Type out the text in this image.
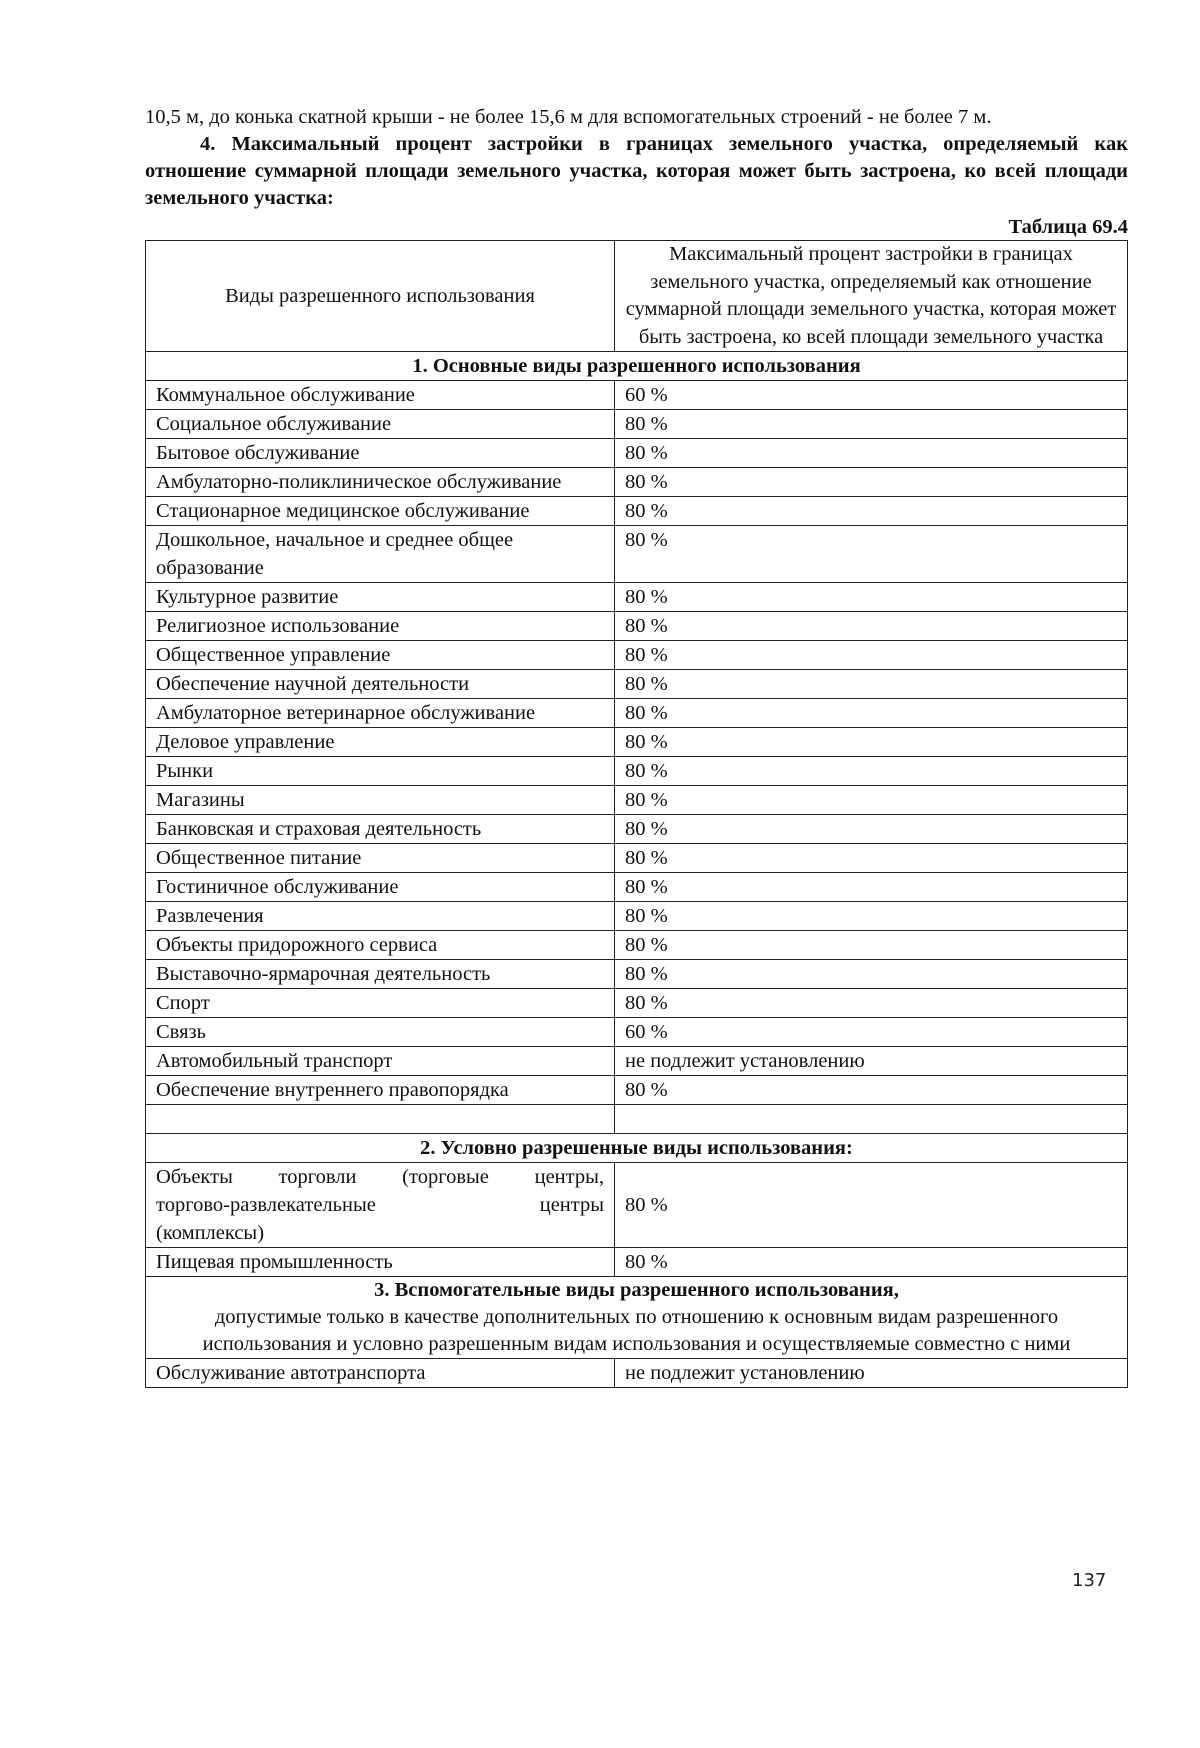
10,5 м, до конька скатной крыши - не более 15,6 м для вспомогательных строений - не более 7 м.

4. Максимальный процент застройки в границах земельного участка, определяемый как отношение суммарной площади земельного участка, которая может быть застроена, ко всей площади земельного участка:

Таблица 69.4

Виды разрешенного использования	Максимальный процент застройки в границах земельного участка, определяемый как отношение суммарной площади земельного участка, которая может быть застроена, ко всей площади земельного участка
1. Основные виды разрешенного использования	
Коммунальное обслуживание	60 %
Социальное обслуживание	80 %
Бытовое обслуживание	80 %
Амбулаторно-поликлиническое обслуживание	80 %
Стационарное медицинское обслуживание	80 %
Дошкольное, начальное и среднее общее образование	80 %
Культурное развитие	80 %
Религиозное использование	80 %
Общественное управление	80 %
Обеспечение научной деятельности	80 %
Амбулаторное ветеринарное обслуживание	80 %
Деловое управление	80 %
Рынки	80 %
Магазины	80 %
Банковская и страховая деятельность	80 %
Общественное питание	80 %
Гостиничное обслуживание	80 %
Развлечения	80 %
Объекты придорожного сервиса	80 %
Выставочно-ярмарочная деятельность	80 %
Спорт	80 %
Связь	60 %
Автомобильный транспорт	не подлежит установлению
Обеспечение внутреннего правопорядка	80 %

2. Условно разрешенные виды использования:	
Объекты торговли (торговые центры,
торгово-развлекательные центры
(комплексы)	80 %
Пищевая промышленность	80 %

3. Вспомогательные виды разрешенного использования,
допустимые только в качестве дополнительных по отношению к основным видам разрешенного использования и условно разрешенным видам использования и осуществляемые совместно с ними	
Обслуживание автотранспорта	не подлежит установлению
137
